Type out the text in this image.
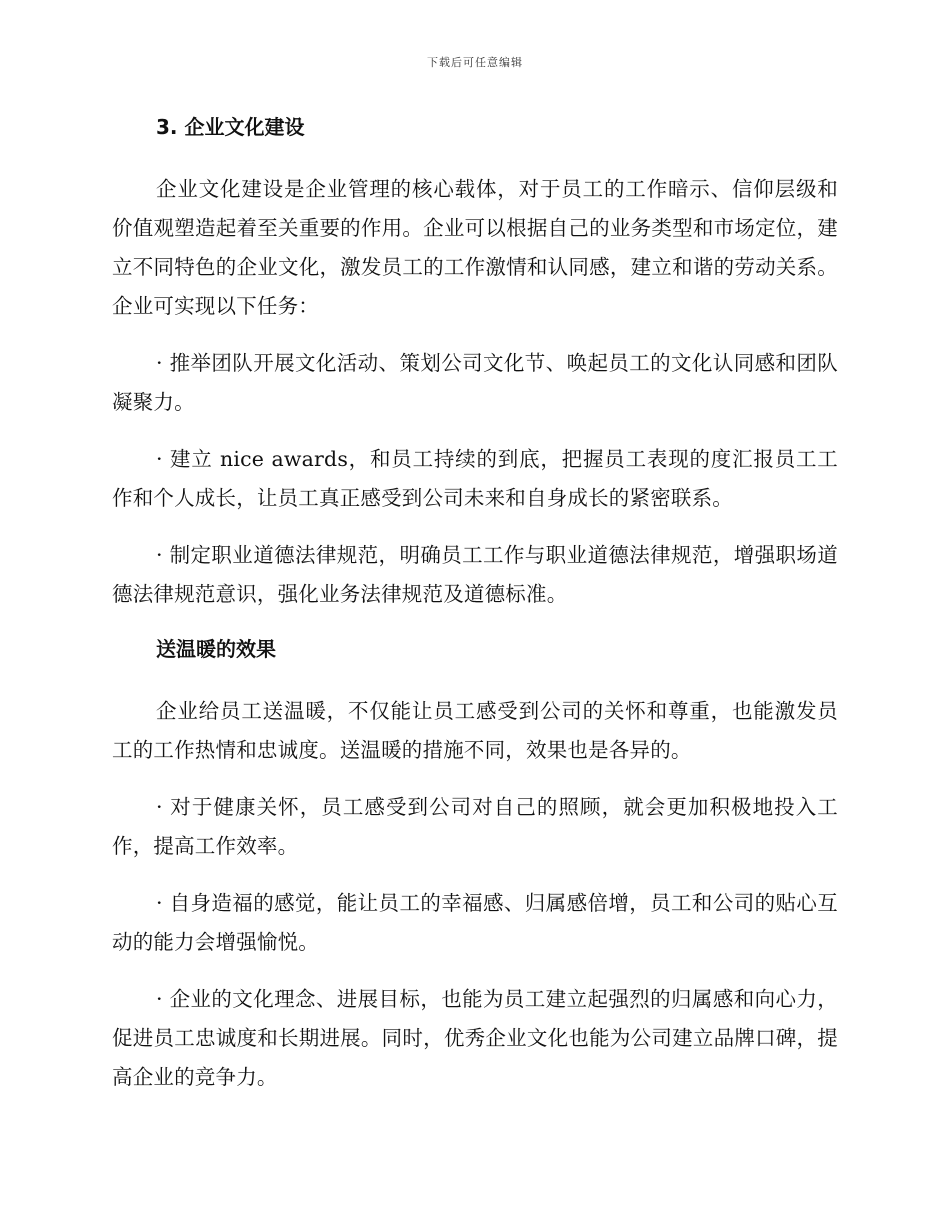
下载后可任意编辑
3. 企业文化建设

企业文化建设是企业管理的核心载体，对于员工的工作暗示、信仰层级和价值观塑造起着至关重要的作用。企业可以根据自己的业务类型和市场定位，建立不同特色的企业文化，激发员工的工作激情和认同感，建立和谐的劳动关系。企业可实现以下任务：

· 推举团队开展文化活动、策划公司文化节、唤起员工的文化认同感和团队凝聚力。

· 建立 nice awards，和员工持续的到底，把握员工表现的度汇报员工工作和个人成长，让员工真正感受到公司未来和自身成长的紧密联系。

· 制定职业道德法律规范，明确员工工作与职业道德法律规范，增强职场道德法律规范意识，强化业务法律规范及道德标准。

送温暖的效果

企业给员工送温暖，不仅能让员工感受到公司的关怀和尊重，也能激发员工的工作热情和忠诚度。送温暖的措施不同，效果也是各异的。

· 对于健康关怀，员工感受到公司对自己的照顾，就会更加积极地投入工作，提高工作效率。

· 自身造福的感觉，能让员工的幸福感、归属感倍增，员工和公司的贴心互动的能力会增强愉悦。

· 企业的文化理念、进展目标，也能为员工建立起强烈的归属感和向心力，促进员工忠诚度和长期进展。同时，优秀企业文化也能为公司建立品牌口碑，提高企业的竞争力。
